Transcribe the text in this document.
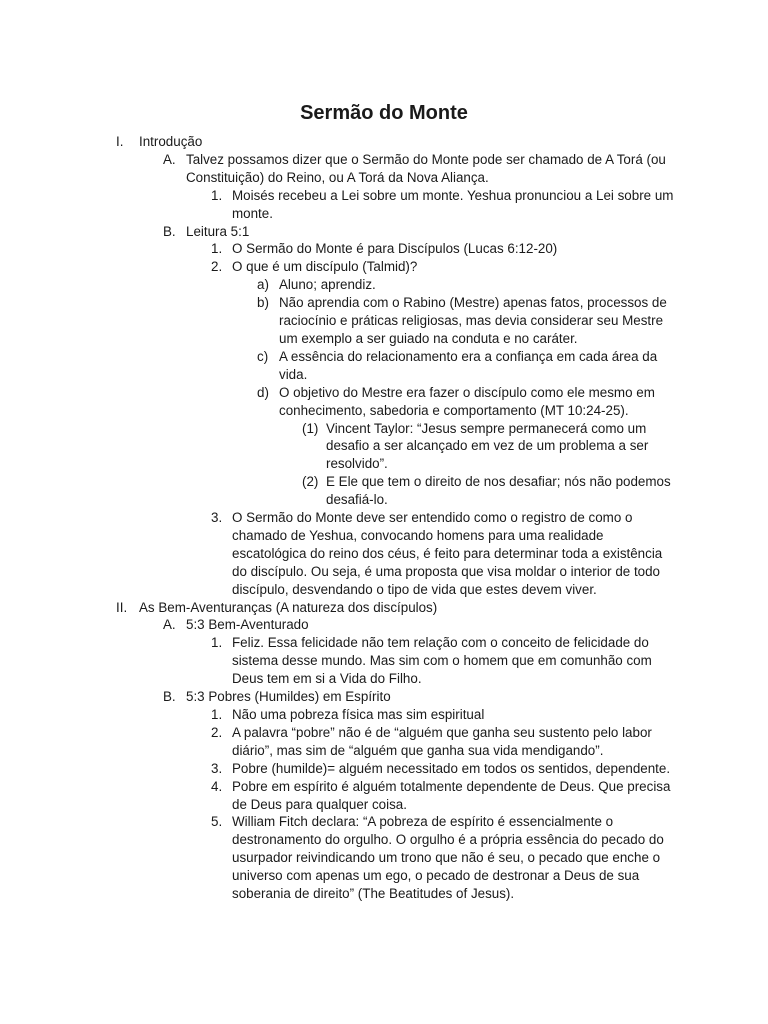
Sermão do Monte
I. Introdução
A. Talvez possamos dizer que o Sermão do Monte pode ser chamado de A Torá (ou Constituição) do Reino, ou A Torá da Nova Aliança.
1. Moisés recebeu a Lei sobre um monte. Yeshua pronunciou a Lei sobre um monte.
B. Leitura 5:1
1. O Sermão do Monte é para Discípulos (Lucas 6:12-20)
2. O que é um discípulo (Talmid)?
a) Aluno; aprendiz.
b) Não aprendia com o Rabino (Mestre) apenas fatos, processos de raciocínio e práticas religiosas, mas devia considerar seu Mestre um exemplo a ser guiado na conduta e no caráter.
c) A essência do relacionamento era a confiança em cada área da vida.
d) O objetivo do Mestre era fazer o discípulo como ele mesmo em conhecimento, sabedoria e comportamento (MT 10:24-25).
(1) Vincent Taylor: “Jesus sempre permanecerá como um desafio a ser alcançado em vez de um problema a ser resolvido”.
(2) E Ele que tem o direito de nos desafiar; nós não podemos desafiá-lo.
3. O Sermão do Monte deve ser entendido como o registro de como o chamado de Yeshua, convocando homens para uma realidade escatológica do reino dos céus, é feito para determinar toda a existência do discípulo. Ou seja, é uma proposta que visa moldar o interior de todo discípulo, desvendando o tipo de vida que estes devem viver.
II. As Bem-Aventuranças (A natureza dos discípulos)
A. 5:3 Bem-Aventurado
1. Feliz. Essa felicidade não tem relação com o conceito de felicidade do sistema desse mundo. Mas sim com o homem que em comunhão com Deus tem em si a Vida do Filho.
B. 5:3 Pobres (Humildes) em Espírito
1. Não uma pobreza física mas sim espiritual
2. A palavra “pobre” não é de “alguém que ganha seu sustento pelo labor diário”, mas sim de “alguém que ganha sua vida mendigando”.
3. Pobre (humilde)= alguém necessitado em todos os sentidos, dependente.
4. Pobre em espírito é alguém totalmente dependente de Deus. Que precisa de Deus para qualquer coisa.
5. William Fitch declara: “A pobreza de espírito é essencialmente o destronamento do orgulho. O orgulho é a própria essência do pecado do usurpador reivindicando um trono que não é seu, o pecado que enche o universo com apenas um ego, o pecado de destronar a Deus de sua soberania de direito” (The Beatitudes of Jesus).
